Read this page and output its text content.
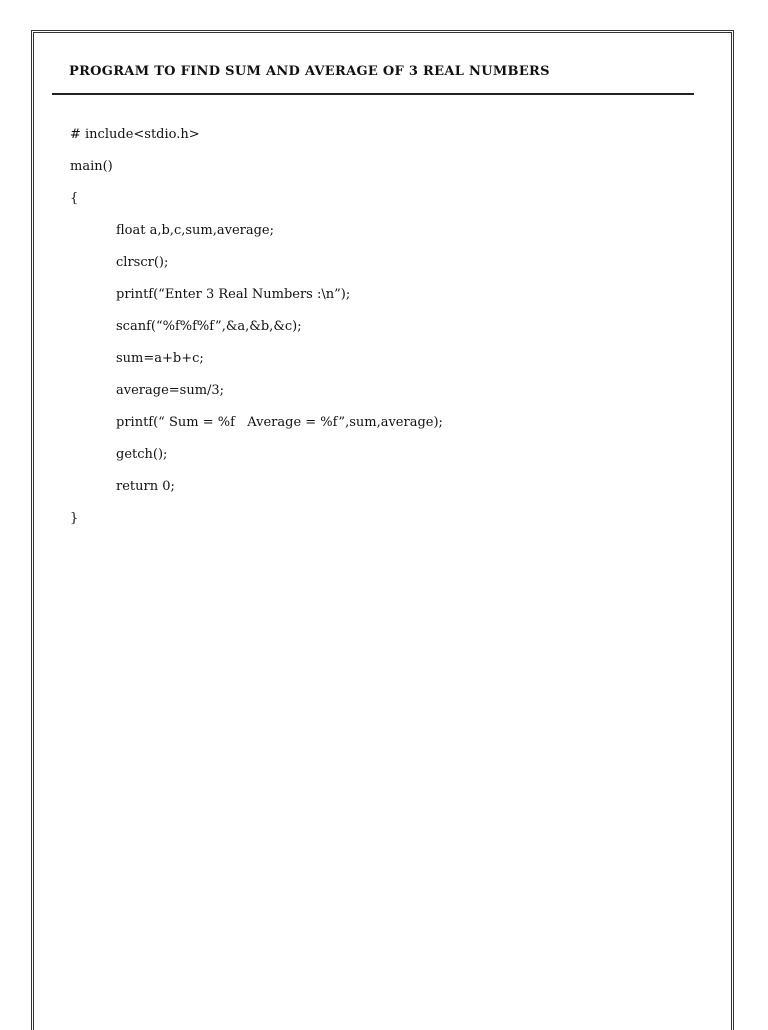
PROGRAM TO FIND SUM AND AVERAGE OF 3 REAL NUMBERS
# include<stdio.h>
main()
{
float a,b,c,sum,average;
clrscr();
printf(“Enter 3 Real Numbers :\n”);
scanf(“%f%f%f”,&a,&b,&c);
sum=a+b+c;
average=sum/3;
printf(“ Sum = %f   Average = %f”,sum,average);
getch();
return 0;
}
